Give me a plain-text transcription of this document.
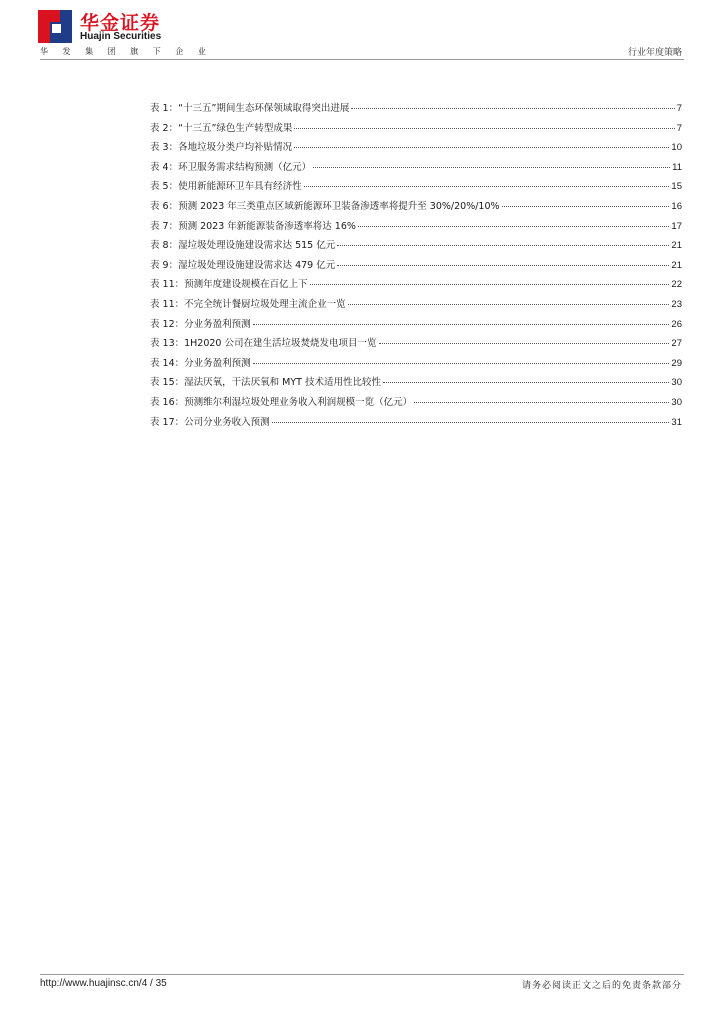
华金证券
Huajin Securities
华 发 集 团 旗 下 企 业	行业年度策略
表 1：“十三五”期间生态环保领域取得突出进展	7
表 2：“十三五”绿色生产转型成果	7
表 3：各地垃圾分类户均补贴情况	10
表 4：环卫服务需求结构预测（亿元）	11
表 5：使用新能源环卫车具有经济性	15
表 6：预测 2023 年三类重点区域新能源环卫装备渗透率将提升至 30%/20%/10%	16
表 7：预测 2023 年新能源装备渗透率将达 16%	17
表 8：湿垃圾处理设施建设需求达 515 亿元	21
表 9：湿垃圾处理设施建设需求达 479 亿元	21
表 11：预测年度建设规模在百亿上下	22
表 11：不完全统计餐厨垃圾处理主流企业一览	23
表 12：分业务盈利预测	26
表 13：1H2020 公司在建生活垃圾焚烧发电项目一览	27
表 14：分业务盈利预测	29
表 15：湿法厌氧，干法厌氧和 MYT 技术适用性比较性	30
表 16：预测维尔利湿垃圾处理业务收入利润规模一览（亿元）	30
表 17：公司分业务收入预测	31
http://www.huajinsc.cn/4 / 35	请务必阅读正文之后的免责条款部分
